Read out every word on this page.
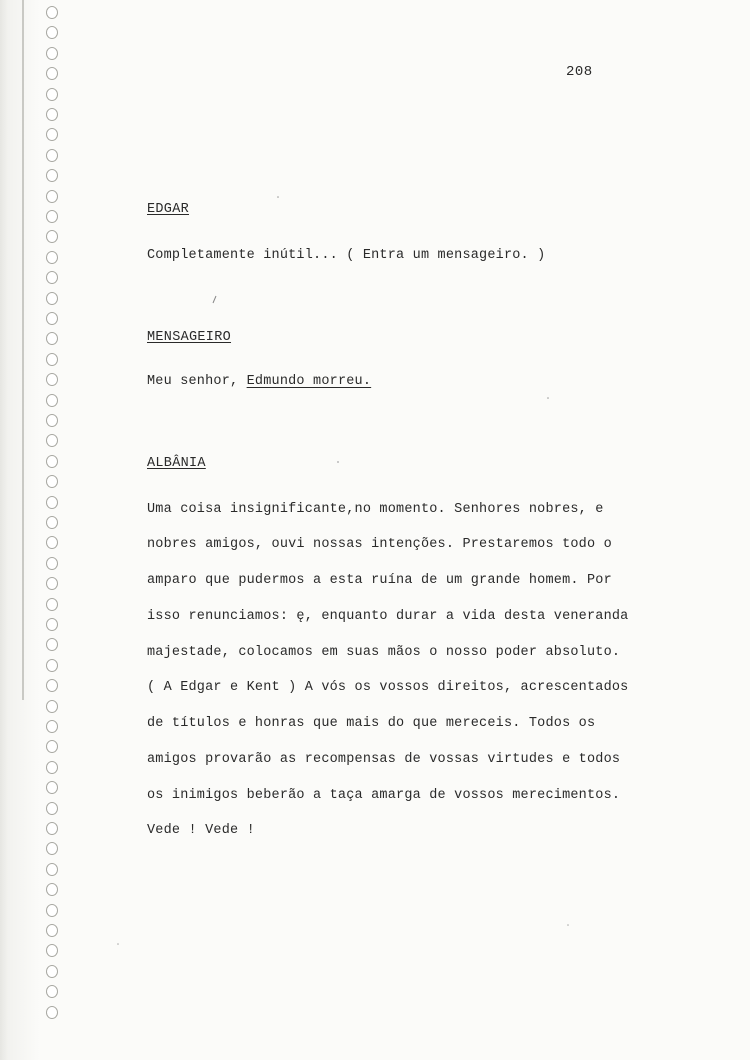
208
EDGAR
Completamente inútil... ( Entra um mensageiro. )
MENSAGEIRO
Meu senhor, Edmundo morreu.
ALBÂNIA
Uma coisa insignificante,no momento. Senhores nobres, e
nobres amigos, ouvi nossas intenções. Prestaremos todo o
amparo que pudermos a esta ruína de um grande homem. Por
isso renunciamos: ę, enquanto durar a vida desta veneranda
majestade, colocamos em suas mãos o nosso poder absoluto.
( A Edgar e Kent ) A vós os vossos direitos, acrescentados
de títulos e honras que mais do que mereceis. Todos os
amigos provarão as recompensas de vossas virtudes e todos
os inimigos beberão a taça amarga de vossos merecimentos.
Vede ! Vede !
